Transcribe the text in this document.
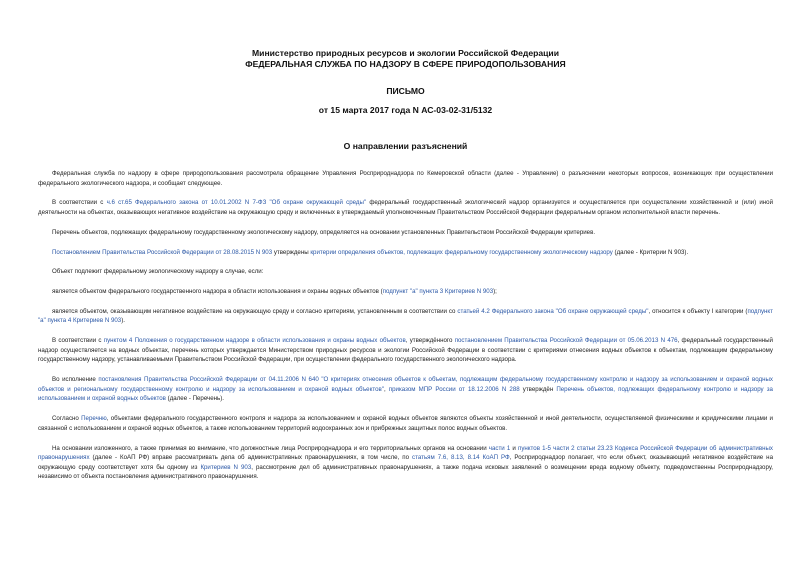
Министерство природных ресурсов и экологии Российской Федерации
ФЕДЕРАЛЬНАЯ СЛУЖБА ПО НАДЗОРУ В СФЕРЕ ПРИРОДОПОЛЬЗОВАНИЯ
ПИСЬМО
от 15 марта 2017 года N АС-03-02-31/5132
О направлении разъяснений

Федеральная служба по надзору в сфере природопользования рассмотрела обращение Управления Росприроднадзора по Кемеровской области (далее - Управление) о разъяснении некоторых вопросов, возникающих при осуществлении федерального экологического надзора, и сообщает следующее.

В соответствии с ч.6 ст.65 Федерального закона от 10.01.2002 N 7-ФЗ "Об охране окружающей среды" федеральный государственный экологический надзор организуется и осуществляется при осуществлении хозяйственной и (или) иной деятельности на объектах, оказывающих негативное воздействие на окружающую среду и включенных в утверждаемый уполномоченным Правительством Российской Федерации федеральным органом исполнительной власти перечень.

Перечень объектов, подлежащих федеральному государственному экологическому надзору, определяется на основании установленных Правительством Российской Федерации критериев.

Постановлением Правительства Российской Федерации от 28.08.2015 N 903 утверждены критерии определения объектов, подлежащих федеральному государственному экологическому надзору (далее - Критерии N 903).

Объект подлежит федеральному экологическому надзору в случае, если:

является объектом федерального государственного надзора в области использования и охраны водных объектов (подпункт "а" пункта 3 Критериев N 903);

является объектом, оказывающим негативное воздействие на окружающую среду и согласно критериям, установленным в соответствии со статьей 4.2 Федерального закона "Об охране окружающей среды", относится к объекту I категории (подпункт "а" пункта 4 Критериев N 903).

В соответствии с пунктом 4 Положения о государственном надзоре в области использования и охраны водных объектов, утверждённого постановлением Правительства Российской Федерации от 05.06.2013 N 476, федеральный государственный надзор осуществляется на водных объектах, перечень которых утверждается Министерством природных ресурсов и экологии Российской Федерации в соответствии с критериями отнесения водных объектов к объектам, подлежащим федеральному государственному надзору, устанавливаемыми Правительством Российской Федерации, при осуществлении федерального государственного экологического надзора.

Во исполнение постановления Правительства Российской Федерации от 04.11.2006 N 640 "О критериях отнесения объектов к объектам, подлежащим федеральному государственному контролю и надзору за использованием и охраной водных объектов и региональному государственному контролю и надзору за использованием и охраной водных объектов", приказом МПР России от 18.12.2006 N 288 утверждён Перечень объектов, подлежащих федеральному контролю и надзору за использованием и охраной водных объектов (далее - Перечень).

Согласно Перечню, объектами федерального государственного контроля и надзора за использованием и охраной водных объектов являются объекты хозяйственной и иной деятельности, осуществляемой физическими и юридическими лицами и связанной с использованием и охраной водных объектов, а также использованием территорий водоохранных зон и прибрежных защитных полос водных объектов.

На основании изложенного, а также принимая во внимание, что должностные лица Росприроднадзора и его территориальных органов на основании части 1 и пунктов 1-5 части 2 статьи 23.23 Кодекса Российской Федерации об административных правонарушениях (далее - КоАП РФ) вправе рассматривать дела об административных правонарушениях, в том числе, по статьям 7.6, 8.13, 8.14 КоАП РФ, Росприроднадзор полагает, что если объект, оказывающий негативное воздействие на окружающую среду соответствует хотя бы одному из Критериев N 903, рассмотрение дел об административных правонарушениях, а также подача исковых заявлений о возмещении вреда водному объекту, подведомственны Росприроднадзору, независимо от объекта постановления административного правонарушения.
